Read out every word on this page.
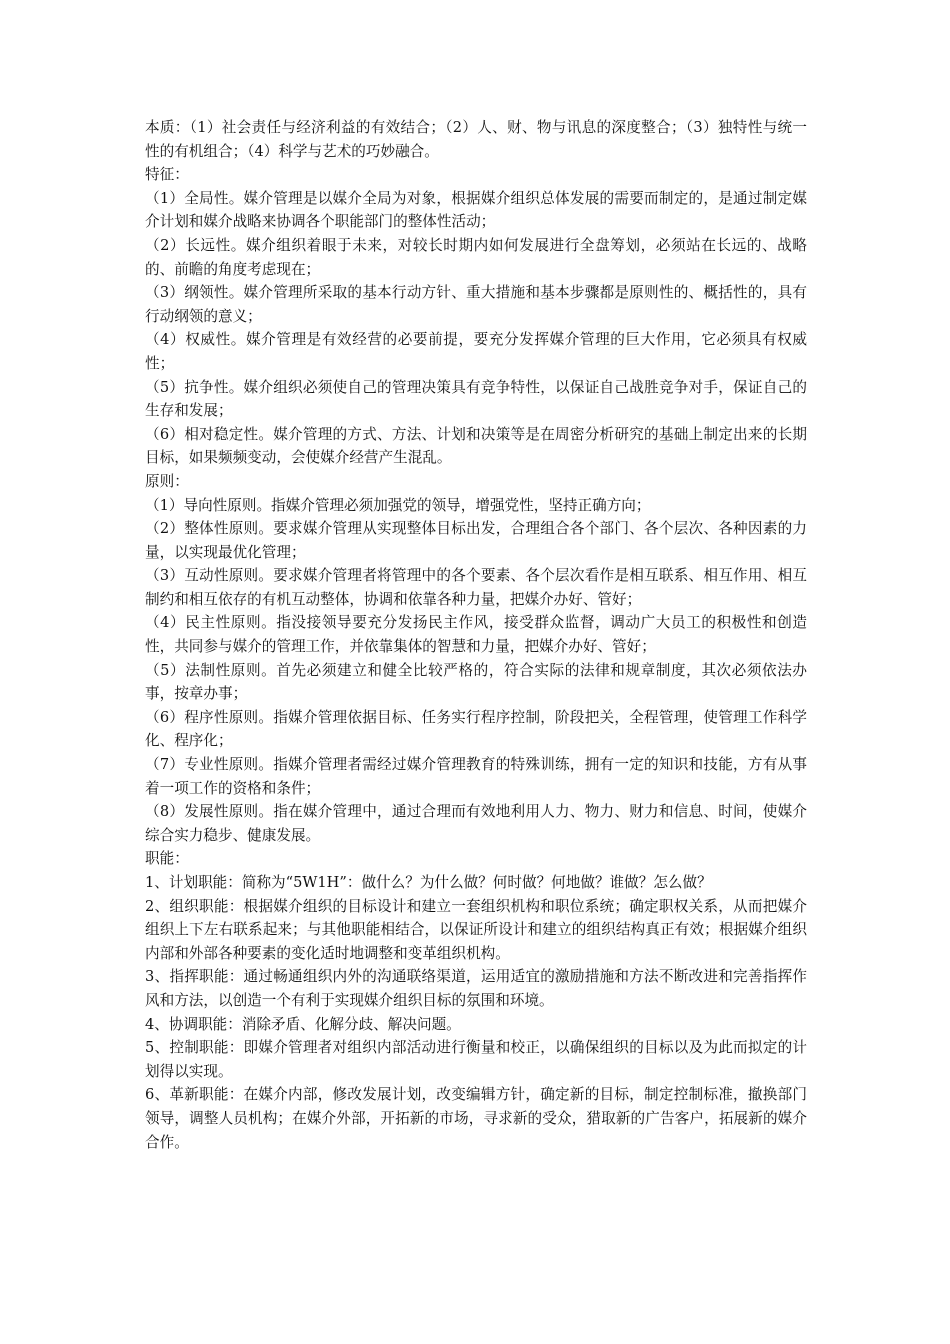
本质：（1）社会责任与经济利益的有效结合；（2）人、财、物与讯息的深度整合；（3）独特性与统一性的有机组合；（4）科学与艺术的巧妙融合。

特征：

（1）全局性。媒介管理是以媒介全局为对象，根据媒介组织总体发展的需要而制定的，是通过制定媒介计划和媒介战略来协调各个职能部门的整体性活动；

（2）长远性。媒介组织着眼于未来，对较长时期内如何发展进行全盘筹划，必须站在长远的、战略的、前瞻的角度考虑现在；

（3）纲领性。媒介管理所采取的基本行动方针、重大措施和基本步骤都是原则性的、概括性的，具有行动纲领的意义；

（4）权威性。媒介管理是有效经营的必要前提，要充分发挥媒介管理的巨大作用，它必须具有权威性；

（5）抗争性。媒介组织必须使自己的管理决策具有竞争特性，以保证自己战胜竞争对手，保证自己的生存和发展；

（6）相对稳定性。媒介管理的方式、方法、计划和决策等是在周密分析研究的基础上制定出来的长期目标，如果频频变动，会使媒介经营产生混乱。

原则：

（1）导向性原则。指媒介管理必须加强党的领导，增强党性，坚持正确方向；

（2）整体性原则。要求媒介管理从实现整体目标出发，合理组合各个部门、各个层次、各种因素的力量，以实现最优化管理；

（3）互动性原则。要求媒介管理者将管理中的各个要素、各个层次看作是相互联系、相互作用、相互制约和相互依存的有机互动整体，协调和依靠各种力量，把媒介办好、管好；

（4）民主性原则。指没接领导要充分发扬民主作风，接受群众监督，调动广大员工的积极性和创造性，共同参与媒介的管理工作，并依靠集体的智慧和力量，把媒介办好、管好；

（5）法制性原则。首先必须建立和健全比较严格的，符合实际的法律和规章制度，其次必须依法办事，按章办事；

（6）程序性原则。指媒介管理依据目标、任务实行程序控制，阶段把关，全程管理，使管理工作科学化、程序化；

（7）专业性原则。指媒介管理者需经过媒介管理教育的特殊训练，拥有一定的知识和技能，方有从事着一项工作的资格和条件；

（8）发展性原则。指在媒介管理中，通过合理而有效地利用人力、物力、财力和信息、时间，使媒介综合实力稳步、健康发展。

职能：

1、计划职能：简称为“5W1H”：做什么？为什么做？何时做？何地做？谁做？怎么做？

2、组织职能：根据媒介组织的目标设计和建立一套组织机构和职位系统；确定职权关系，从而把媒介组织上下左右联系起来；与其他职能相结合，以保证所设计和建立的组织结构真正有效；根据媒介组织内部和外部各种要素的变化适时地调整和变革组织机构。

3、指挥职能：通过畅通组织内外的沟通联络渠道，运用适宜的激励措施和方法不断改进和完善指挥作风和方法，以创造一个有利于实现媒介组织目标的氛围和环境。

4、协调职能：消除矛盾、化解分歧、解决问题。

5、控制职能：即媒介管理者对组织内部活动进行衡量和校正，以确保组织的目标以及为此而拟定的计划得以实现。

6、革新职能：在媒介内部，修改发展计划，改变编辑方针，确定新的目标，制定控制标准，撤换部门领导，调整人员机构；在媒介外部，开拓新的市场，寻求新的受众，猎取新的广告客户，拓展新的媒介合作。
